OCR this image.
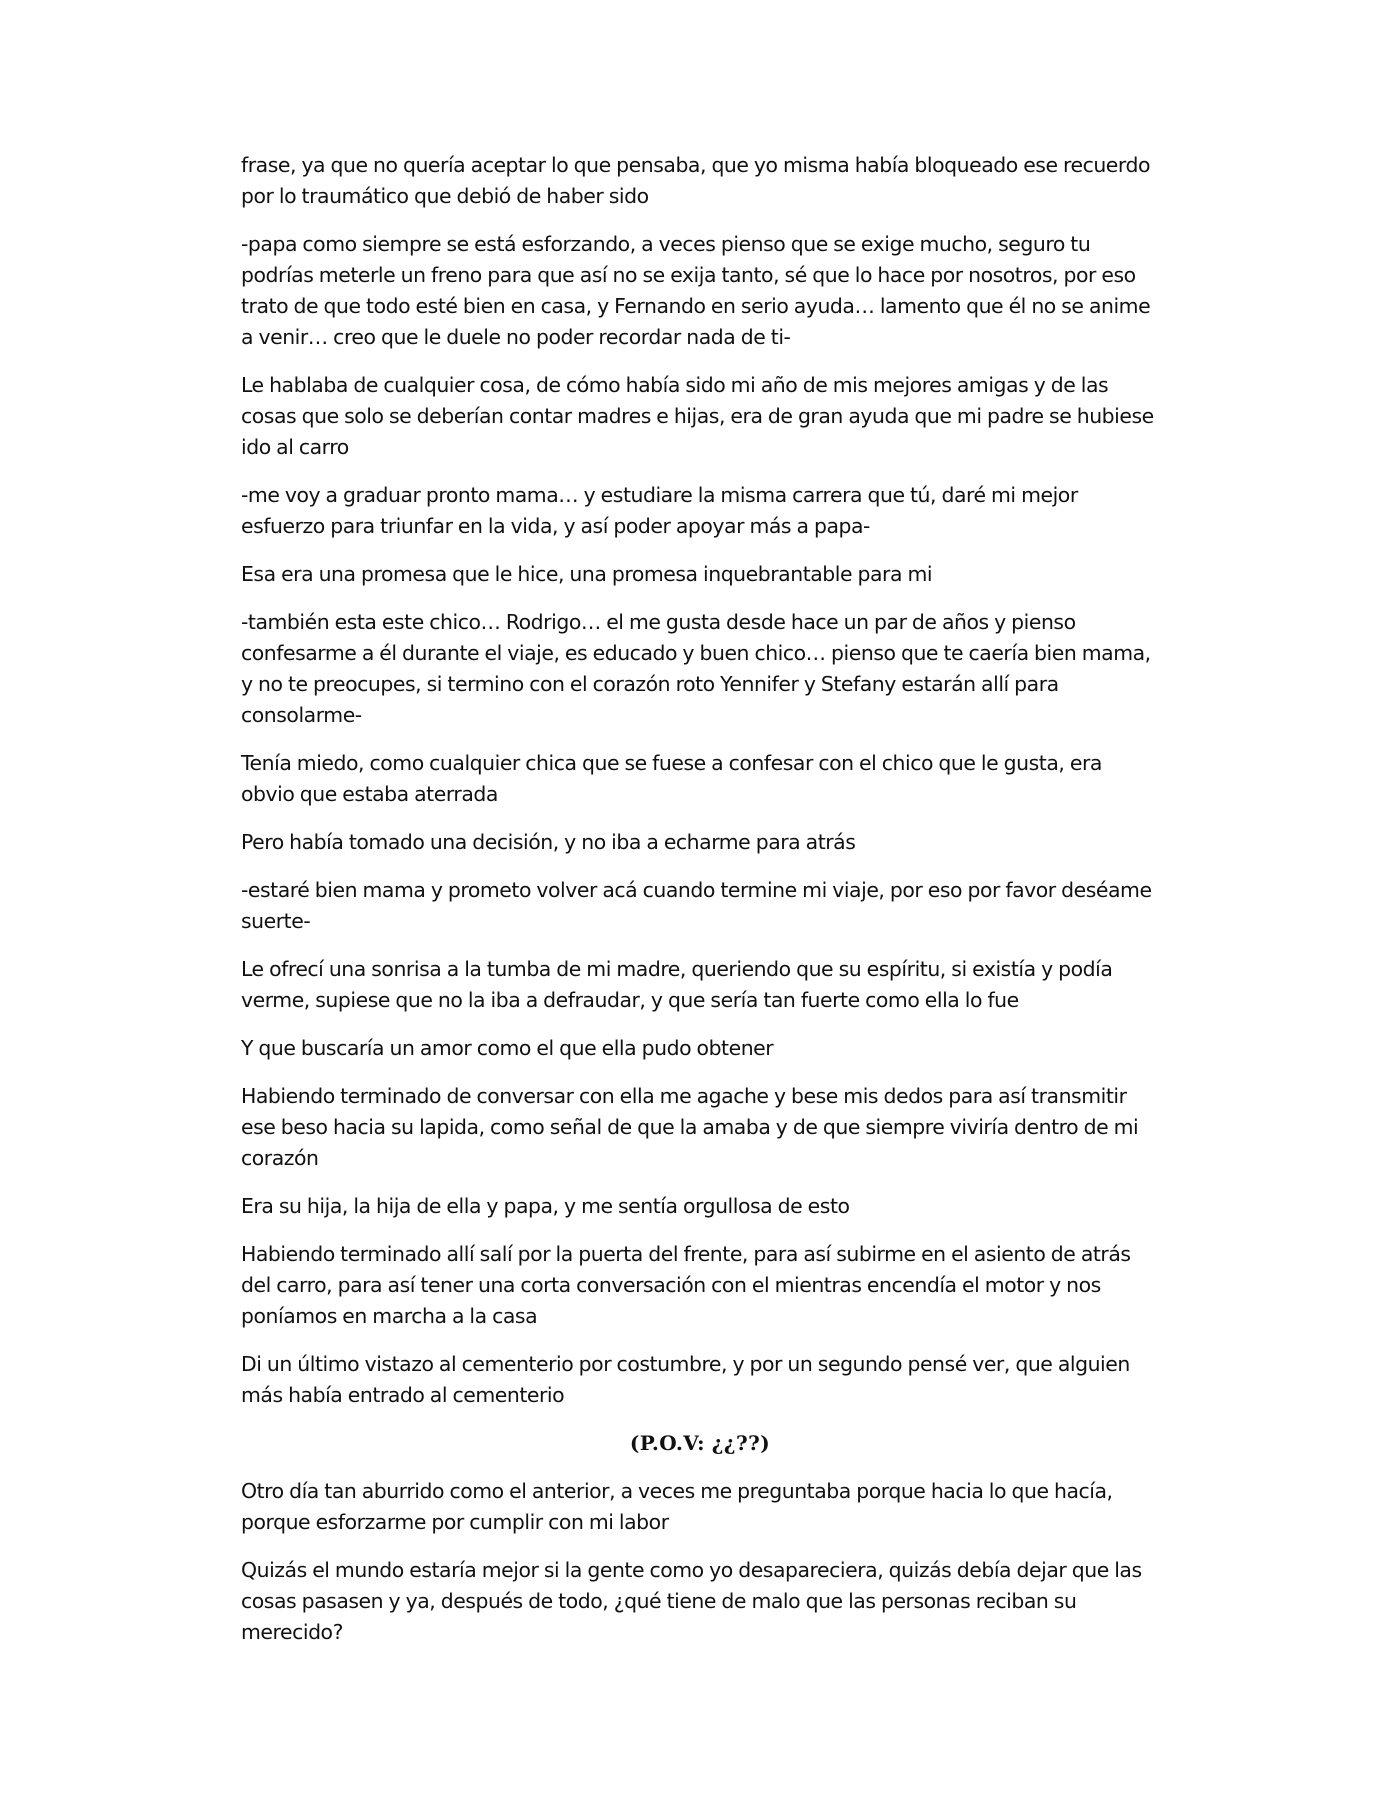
frase, ya que no quería aceptar lo que pensaba, que yo misma había bloqueado ese recuerdo por lo traumático que debió de haber sido

-papa como siempre se está esforzando, a veces pienso que se exige mucho, seguro tu podrías meterle un freno para que así no se exija tanto, sé que lo hace por nosotros, por eso trato de que todo esté bien en casa, y Fernando en serio ayuda… lamento que él no se anime a venir… creo que le duele no poder recordar nada de ti-

Le hablaba de cualquier cosa, de cómo había sido mi año de mis mejores amigas y de las cosas que solo se deberían contar madres e hijas, era de gran ayuda que mi padre se hubiese ido al carro

-me voy a graduar pronto mama… y estudiare la misma carrera que tú, daré mi mejor esfuerzo para triunfar en la vida, y así poder apoyar más a papa-

Esa era una promesa que le hice, una promesa inquebrantable para mi

-también esta este chico… Rodrigo… el me gusta desde hace un par de años y pienso confesarme a él durante el viaje, es educado y buen chico… pienso que te caería bien mama, y no te preocupes, si termino con el corazón roto Yennifer y Stefany estarán allí para consolarme-

Tenía miedo, como cualquier chica que se fuese a confesar con el chico que le gusta, era obvio que estaba aterrada

Pero había tomado una decisión, y no iba a echarme para atrás

-estaré bien mama y prometo volver acá cuando termine mi viaje, por eso por favor deséame suerte-

Le ofrecí una sonrisa a la tumba de mi madre, queriendo que su espíritu, si existía y podía verme, supiese que no la iba a defraudar, y que sería tan fuerte como ella lo fue

Y que buscaría un amor como el que ella pudo obtener

Habiendo terminado de conversar con ella me agache y bese mis dedos para así transmitir ese beso hacia su lapida, como señal de que la amaba y de que siempre viviría dentro de mi corazón

Era su hija, la hija de ella y papa, y me sentía orgullosa de esto

Habiendo terminado allí salí por la puerta del frente, para así subirme en el asiento de atrás del carro, para así tener una corta conversación con el mientras encendía el motor y nos poníamos en marcha a la casa

Di un último vistazo al cementerio por costumbre, y por un segundo pensé ver, que alguien más había entrado al cementerio

(P.O.V: ¿¿??)

Otro día tan aburrido como el anterior, a veces me preguntaba porque hacia lo que hacía, porque esforzarme por cumplir con mi labor

Quizás el mundo estaría mejor si la gente como yo desapareciera, quizás debía dejar que las cosas pasasen y ya, después de todo, ¿qué tiene de malo que las personas reciban su merecido?
